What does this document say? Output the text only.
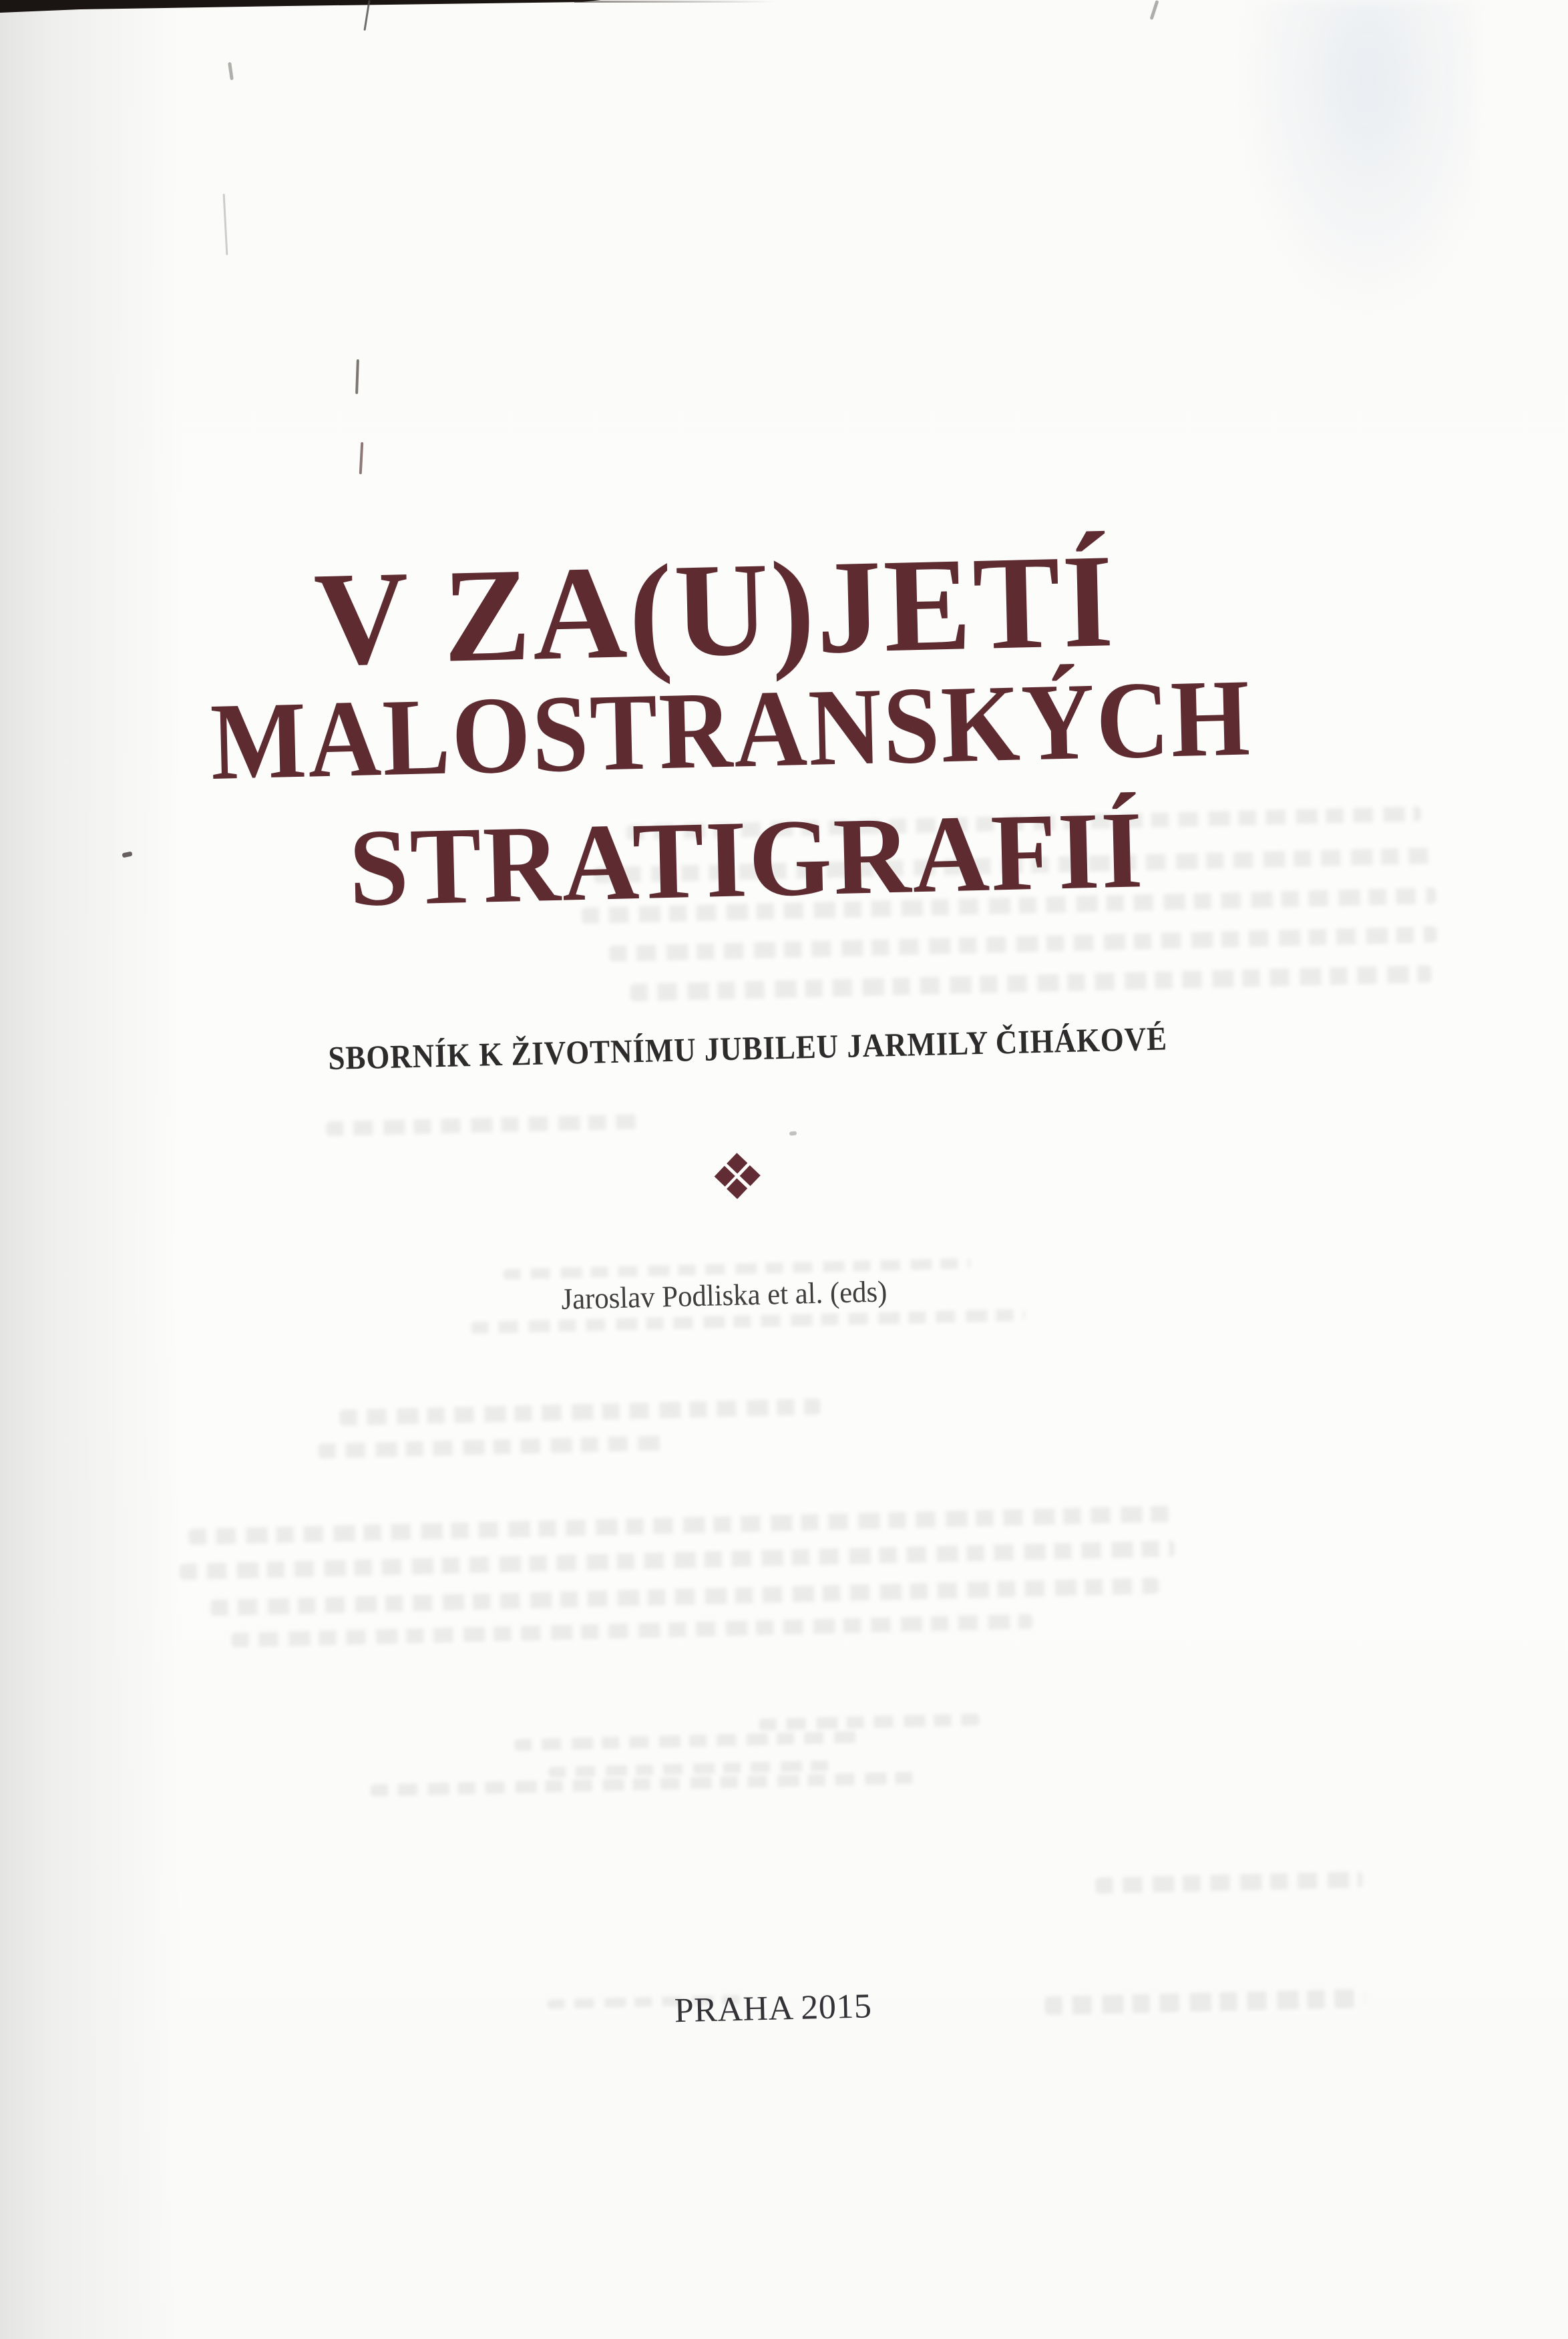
V ZA(U)JETÍ
MALOSTRANSKÝCH
STRATIGRAFIÍ
SBORNÍK K ŽIVOTNÍMU JUBILEU JARMILY ČIHÁKOVÉ

Jaroslav Podliska et al. (eds)

PRAHA 2015
